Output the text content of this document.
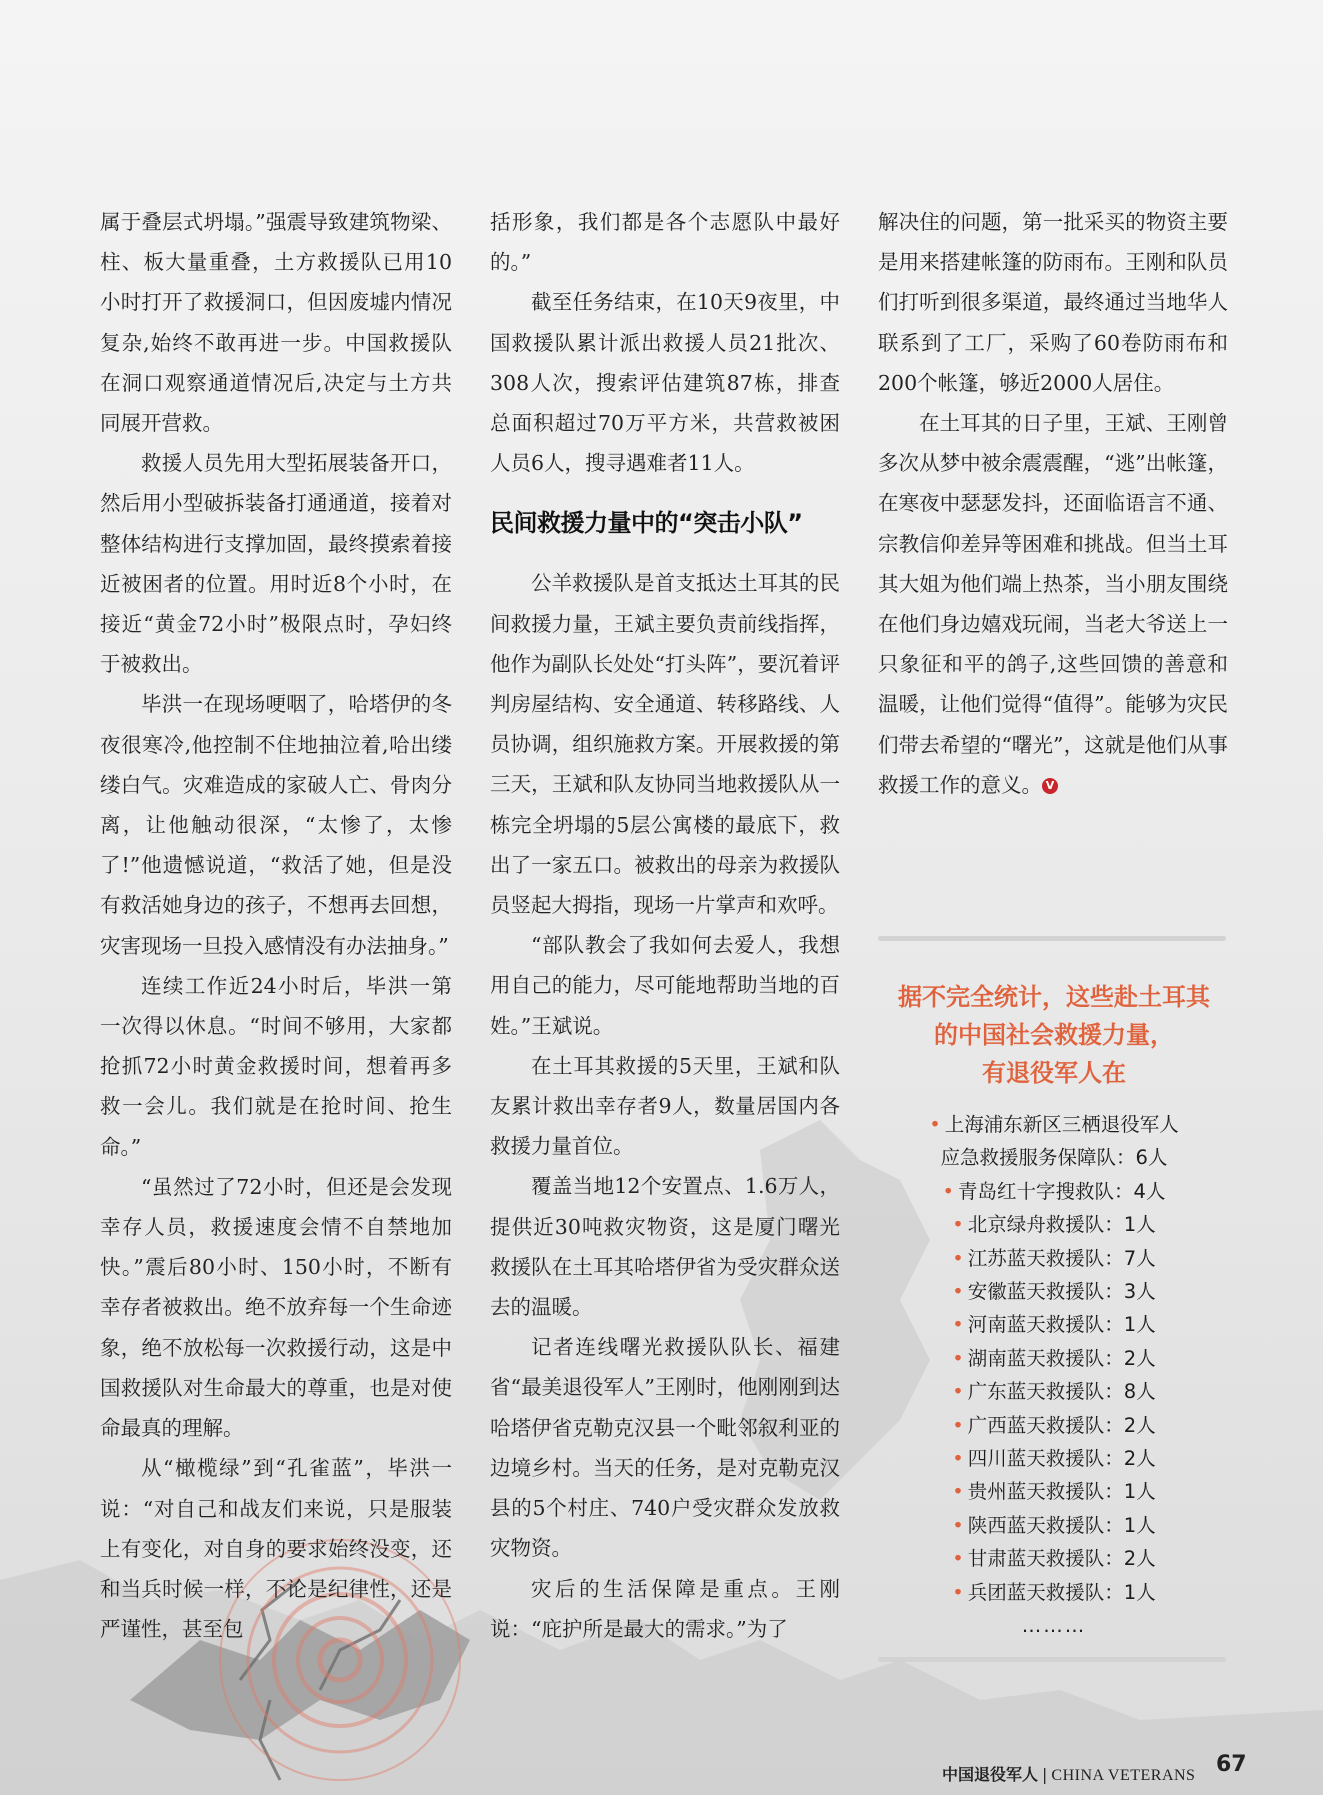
属于叠层式坍塌。”强震导致建筑物梁、柱、板大量重叠，土方救援队已用10小时打开了救援洞口，但因废墟内情况复杂,始终不敢再进一步。中国救援队在洞口观察通道情况后,决定与土方共同展开营救。

救援人员先用大型拓展装备开口，然后用小型破拆装备打通通道，接着对整体结构进行支撑加固，最终摸索着接近被困者的位置。用时近8个小时，在接近“黄金72小时”极限点时，孕妇终于被救出。

毕洪一在现场哽咽了，哈塔伊的冬夜很寒冷,他控制不住地抽泣着,哈出缕缕白气。灾难造成的家破人亡、骨肉分离，让他触动很深，“太惨了，太惨了!”他遗憾说道，“救活了她，但是没有救活她身边的孩子，不想再去回想，灾害现场一旦投入感情没有办法抽身。”

连续工作近24小时后，毕洪一第一次得以休息。“时间不够用，大家都抢抓72小时黄金救援时间，想着再多救一会儿。我们就是在抢时间、抢生命。”

“虽然过了72小时，但还是会发现幸存人员，救援速度会情不自禁地加快。”震后80小时、150小时，不断有幸存者被救出。绝不放弃每一个生命迹象，绝不放松每一次救援行动，这是中国救援队对生命最大的尊重，也是对使命最真的理解。

从“橄榄绿”到“孔雀蓝”，毕洪一说：“对自己和战友们来说，只是服装上有变化，对自身的要求始终没变，还和当兵时候一样，不论是纪律性，还是严谨性，甚至包

括形象，我们都是各个志愿队中最好的。”

截至任务结束，在10天9夜里，中国救援队累计派出救援人员21批次、308人次，搜索评估建筑87栋，排查总面积超过70万平方米，共营救被困人员6人，搜寻遇难者11人。

民间救援力量中的“突击小队”

公羊救援队是首支抵达土耳其的民间救援力量，王斌主要负责前线指挥，他作为副队长处处“打头阵”，要沉着评判房屋结构、安全通道、转移路线、人员协调，组织施救方案。开展救援的第三天，王斌和队友协同当地救援队从一栋完全坍塌的5层公寓楼的最底下，救出了一家五口。被救出的母亲为救援队员竖起大拇指，现场一片掌声和欢呼。

“部队教会了我如何去爱人，我想用自己的能力，尽可能地帮助当地的百姓。”王斌说。

在土耳其救援的5天里，王斌和队友累计救出幸存者9人，数量居国内各救援力量首位。

覆盖当地12个安置点、1.6万人，提供近30吨救灾物资，这是厦门曙光救援队在土耳其哈塔伊省为受灾群众送去的温暖。

记者连线曙光救援队队长、福建省“最美退役军人”王刚时，他刚刚到达哈塔伊省克勒克汉县一个毗邻叙利亚的边境乡村。当天的任务，是对克勒克汉县的5个村庄、740户受灾群众发放救灾物资。

灾后的生活保障是重点。王刚说：“庇护所是最大的需求。”为了

解决住的问题，第一批采买的物资主要是用来搭建帐篷的防雨布。王刚和队员们打听到很多渠道，最终通过当地华人联系到了工厂，采购了60卷防雨布和200个帐篷，够近2000人居住。

在土耳其的日子里，王斌、王刚曾多次从梦中被余震震醒，“逃”出帐篷，在寒夜中瑟瑟发抖，还面临语言不通、宗教信仰差异等困难和挑战。但当土耳其大姐为他们端上热茶，当小朋友围绕在他们身边嬉戏玩闹，当老大爷送上一只象征和平的鸽子,这些回馈的善意和温暖，让他们觉得“值得”。能够为灾民们带去希望的“曙光”，这就是他们从事救援工作的意义。 V

据不完全统计，这些赴土耳其
的中国社会救援力量，
有退役军人在
• 上海浦东新区三栖退役军人
应急救援服务保障队：6人
• 青岛红十字搜救队：4人
• 北京绿舟救援队：1人
• 江苏蓝天救援队：7人
• 安徽蓝天救援队：3人
• 河南蓝天救援队：1人
• 湖南蓝天救援队：2人
• 广东蓝天救援队：8人
• 广西蓝天救援队：2人
• 四川蓝天救援队：2人
• 贵州蓝天救援队：1人
• 陕西蓝天救援队：1人
• 甘肃蓝天救援队：2人
• 兵团蓝天救援队：1人
………
中国退役军人 | CHINA VETERANS 67
